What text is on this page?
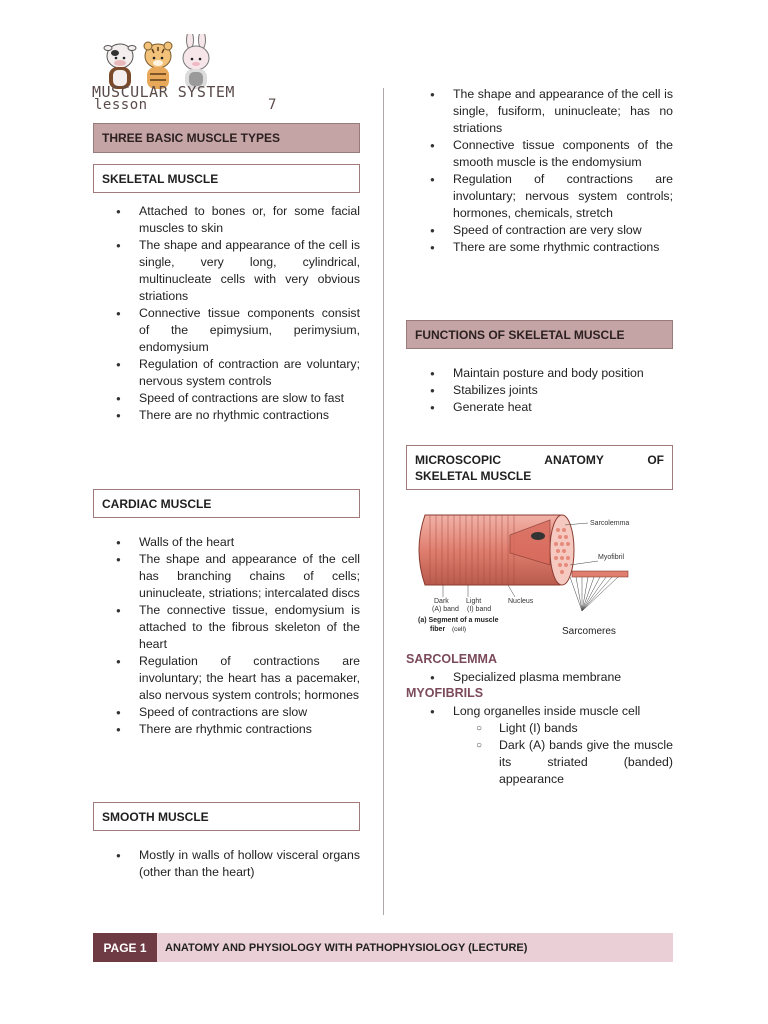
MUSCULAR SYSTEM
lesson	7
THREE BASIC MUSCLE TYPES
SKELETAL MUSCLE
● Attached to bones or, for some facial muscles to skin
● The shape and appearance of the cell is single, very long, cylindrical, multinucleate cells with very obvious striations
● Connective tissue components consist of the epimysium, perimysium, endomysium
● Regulation of contraction are voluntary; nervous system controls
● Speed of contractions are slow to fast
● There are no rhythmic contractions
CARDIAC MUSCLE
● Walls of the heart
● The shape and appearance of the cell has branching chains of cells; uninucleate, striations; intercalated discs
● The connective tissue, endomysium is attached to the fibrous skeleton of the heart
● Regulation of contractions are involuntary; the heart has a pacemaker, also nervous system controls; hormones
● Speed of contractions are slow
● There are rhythmic contractions
SMOOTH MUSCLE
● Mostly in walls of hollow visceral organs (other than the heart)
● The shape and appearance of the cell is single, fusiform, uninucleate; has no striations
● Connective tissue components of the smooth muscle is the endomysium
● Regulation of contractions are involuntary; nervous system controls; hormones, chemicals, stretch
● Speed of contraction are very slow
● There are some rhythmic contractions
FUNCTIONS OF SKELETAL MUSCLE
● Maintain posture and body position
● Stabilizes joints
● Generate heat
MICROSCOPIC ANATOMY OF
SKELETAL MUSCLE
Sarcolemma
Myofibril
Dark
(A) band
Light
(I) band
Nucleus
(a) Segment of a muscle
fiber (cell)	Sarcomeres
SARCOLEMMA
● Specialized plasma membrane
MYOFIBRILS
● Long organelles inside muscle cell
○ Light (I) bands
○ Dark (A) bands give the muscle its striated (banded) appearance
PAGE 1	ANATOMY AND PHYSIOLOGY WITH PATHOPHYSIOLOGY (LECTURE)
